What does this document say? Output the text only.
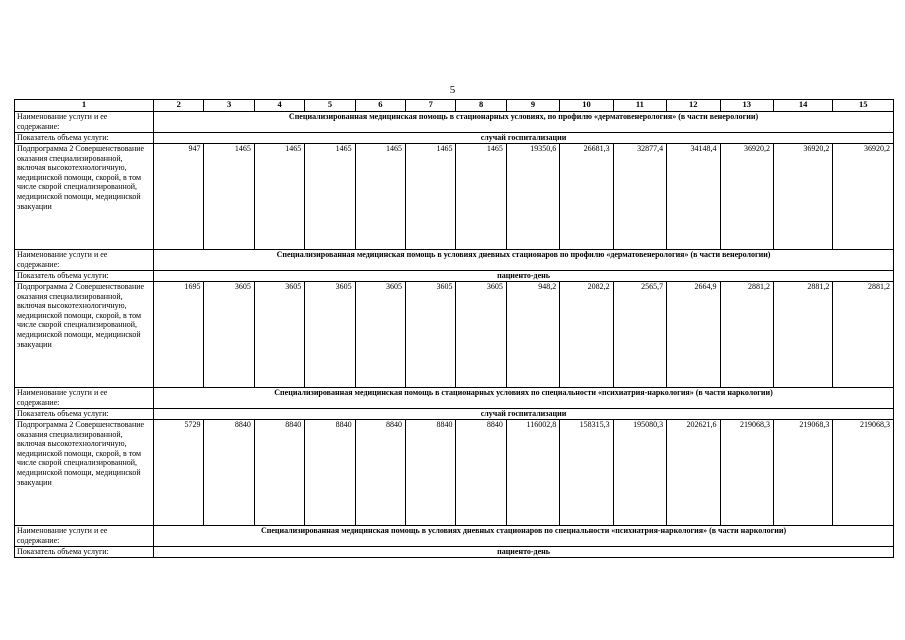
5
1	2	3	4	5	6	7	8	9	10	11	12	13	14	15
Наименование услуги и ее содержание:	Специализированная медицинская помощь в стационарных условиях, по профилю «дерматовенерология» (в части венерологии)													
Показатель объема услуги:	случай госпитализации													
Подпрограмма 2 Совершенствование оказания специализированной, включая высокотехнологичную, медицинской помощи, скорой, в том числе скорой специализированной, медицинской помощи, медицинской эвакуации	947	1465	1465	1465	1465	1465	1465	19350,6	26681,3	32877,4	34148,4	36920,2	36920,2	36920,2
Наименование услуги и ее содержание:	Специализированная медицинская помощь в условиях дневных стационаров по профилю «дерматовенерология» (в части венерологии)													
Показатель объема услуги:	пациенто-день													
Подпрограмма 2 Совершенствование оказания специализированной, включая высокотехнологичную, медицинской помощи, скорой, в том числе скорой специализированной, медицинской помощи, медицинской эвакуации	1695	3605	3605	3605	3605	3605	3605	948,2	2082,2	2565,7	2664,9	2881,2	2881,2	2881,2
Наименование услуги и ее содержание:	Специализированная медицинская помощь в стационарных условиях по специальности «психиатрия-наркология» (в части наркологии)													
Показатель объема услуги:	случай госпитализации													
Подпрограмма 2 Совершенствование оказания специализированной, включая высокотехнологичную, медицинской помощи, скорой, в том числе скорой специализированной, медицинской помощи, медицинской эвакуации	5729	8840	8840	8840	8840	8840	8840	116002,8	158315,3	195080,3	202621,6	219068,3	219068,3	219068,3
Наименование услуги и ее содержание:	Специализированная медицинская помощь в условиях дневных стационаров по специальности «психиатрия-наркология» (в части наркологии)													
Показатель объема услуги:	пациенто-день													
